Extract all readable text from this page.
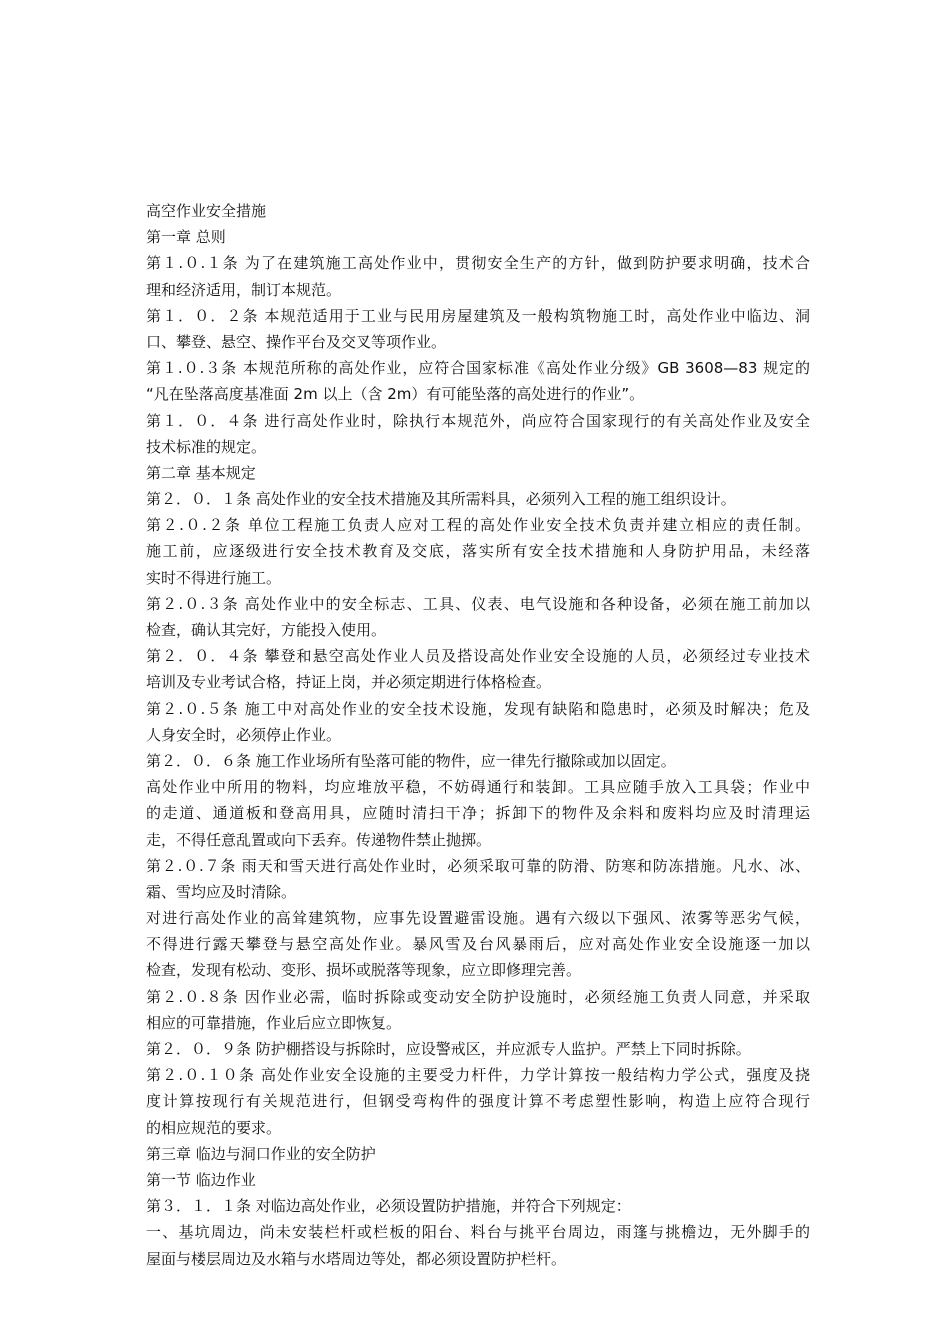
高空作业安全措施
第一章 总则
第１.０.１条 为了在建筑施工高处作业中，贯彻安全生产的方针，做到防护要求明确，技术合
理和经济适用，制订本规范。
第１．０．２条 本规范适用于工业与民用房屋建筑及一般构筑物施工时，高处作业中临边、洞
口、攀登、悬空、操作平台及交叉等项作业。
第１.０.３条 本规范所称的高处作业，应符合国家标准《高处作业分级》GB 3608—83 规定的
“凡在坠落高度基准面 2m 以上（含 2m）有可能坠落的高处进行的作业”。
第１．０．４条 进行高处作业时，除执行本规范外，尚应符合国家现行的有关高处作业及安全
技术标准的规定。
第二章 基本规定
第２．０．１条 高处作业的安全技术措施及其所需料具，必须列入工程的施工组织设计。
第２.０.２条 单位工程施工负责人应对工程的高处作业安全技术负责并建立相应的责任制。
施工前，应逐级进行安全技术教育及交底，落实所有安全技术措施和人身防护用品，未经落
实时不得进行施工。
第２.０.３条 高处作业中的安全标志、工具、仪表、电气设施和各种设备，必须在施工前加以
检查，确认其完好，方能投入使用。
第２．０．４条 攀登和悬空高处作业人员及搭设高处作业安全设施的人员，必须经过专业技术
培训及专业考试合格，持证上岗，并必须定期进行体格检查。
第２.０.５条 施工中对高处作业的安全技术设施，发现有缺陷和隐患时，必须及时解决；危及
人身安全时，必须停止作业。
第２．０．６条 施工作业场所有坠落可能的物件，应一律先行撤除或加以固定。
高处作业中所用的物料，均应堆放平稳，不妨碍通行和装卸。工具应随手放入工具袋；作业中
的走道、通道板和登高用具，应随时清扫干净；拆卸下的物件及余料和废料均应及时清理运
走，不得任意乱置或向下丢弃。传递物件禁止抛掷。
第２.０.７条 雨天和雪天进行高处作业时，必须采取可靠的防滑、防寒和防冻措施。凡水、冰、
霜、雪均应及时清除。
对进行高处作业的高耸建筑物，应事先设置避雷设施。遇有六级以下强风、浓雾等恶劣气候，
不得进行露天攀登与悬空高处作业。暴风雪及台风暴雨后，应对高处作业安全设施逐一加以
检查，发现有松动、变形、损坏或脱落等现象，应立即修理完善。
第２.０.８条 因作业必需，临时拆除或变动安全防护设施时，必须经施工负责人同意，并采取
相应的可靠措施，作业后应立即恢复。
第２．０．９条 防护棚搭设与拆除时，应设警戒区，并应派专人监护。严禁上下同时拆除。
第２.０.１０条 高处作业安全设施的主要受力杆件，力学计算按一般结构力学公式，强度及挠
度计算按现行有关规范进行，但钢受弯构件的强度计算不考虑塑性影响，构造上应符合现行
的相应规范的要求。
第三章 临边与洞口作业的安全防护
第一节 临边作业
第３．１．１条 对临边高处作业，必须设置防护措施，并符合下列规定：
一、基坑周边，尚未安装栏杆或栏板的阳台、料台与挑平台周边，雨篷与挑檐边，无外脚手的
屋面与楼层周边及水箱与水塔周边等处，都必须设置防护栏杆。
